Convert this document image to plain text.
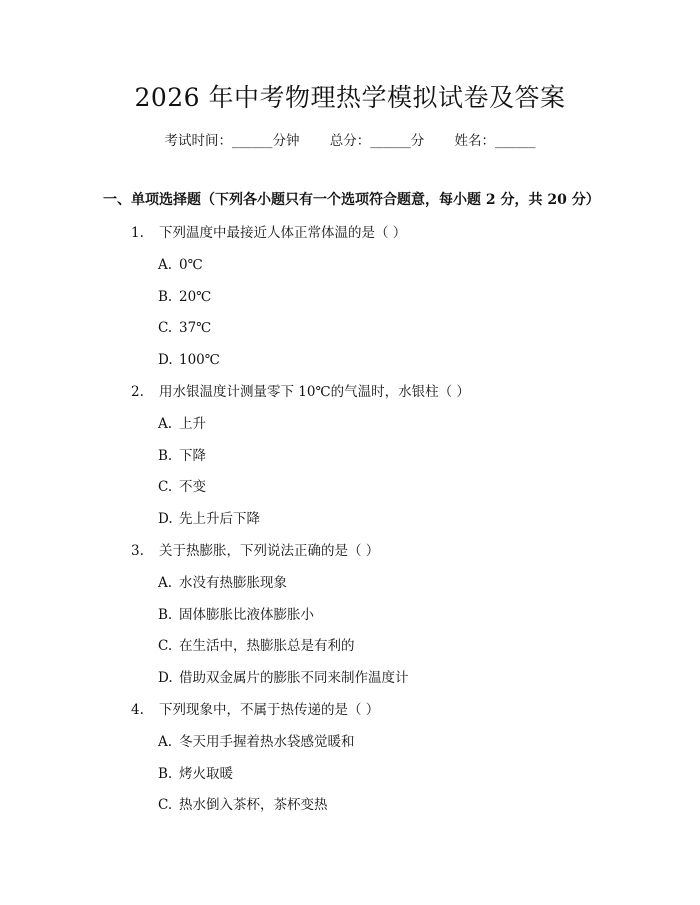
2026 年中考物理热学模拟试卷及答案
考试时间：______分钟 总分：______分 姓名：______
一、单项选择题（下列各小题只有一个选项符合题意，每小题 2 分，共 20 分）
1. 下列温度中最接近人体正常体温的是（ ）
A. 0℃
B. 20℃
C. 37℃
D. 100℃
2. 用水银温度计测量零下 10℃的气温时，水银柱（ ）
A. 上升
B. 下降
C. 不变
D. 先上升后下降
3. 关于热膨胀，下列说法正确的是（ ）
A. 水没有热膨胀现象
B. 固体膨胀比液体膨胀小
C. 在生活中，热膨胀总是有利的
D. 借助双金属片的膨胀不同来制作温度计
4. 下列现象中，不属于热传递的是（ ）
A. 冬天用手握着热水袋感觉暖和
B. 烤火取暖
C. 热水倒入茶杯，茶杯变热
